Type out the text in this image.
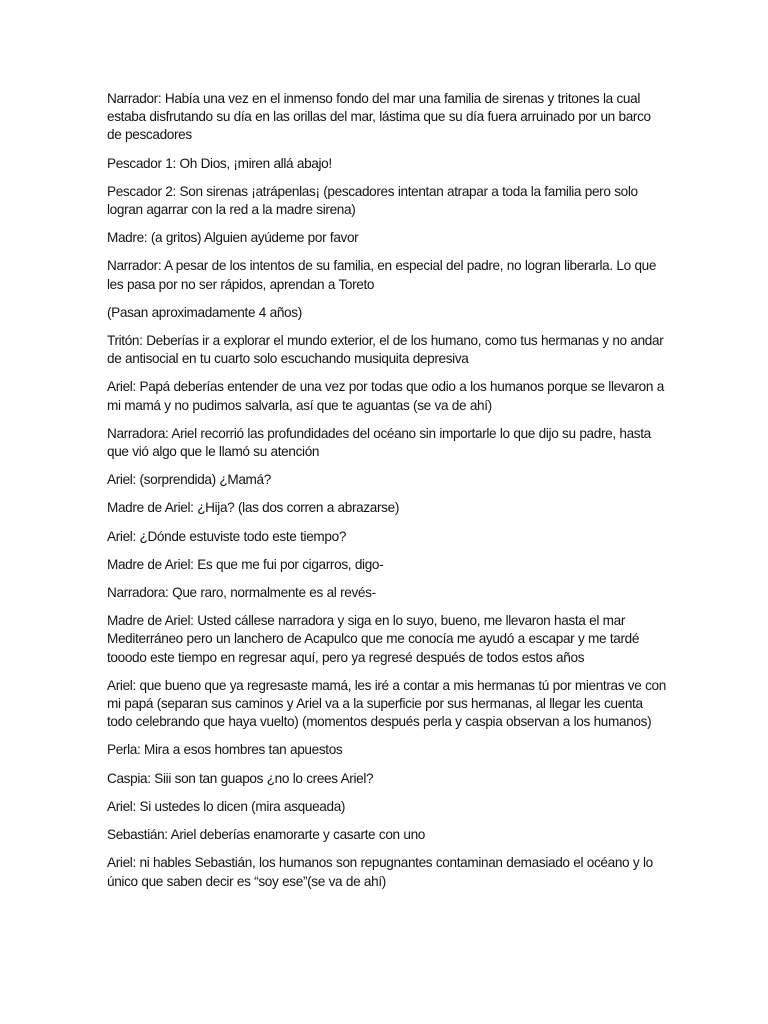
Narrador: Había una vez en el inmenso fondo del mar una familia de sirenas y tritones la cual estaba disfrutando su día en las orillas del mar, lástima que su día fuera arruinado por un barco de pescadores

Pescador 1: Oh Dios, ¡miren allá abajo!

Pescador 2: Son sirenas ¡atrápenlas¡ (pescadores intentan atrapar a toda la familia pero solo logran agarrar con la red a la madre sirena)

Madre: (a gritos) Alguien ayúdeme por favor

Narrador: A pesar de los intentos de su familia, en especial del padre, no logran liberarla. Lo que les pasa por no ser rápidos, aprendan a Toreto

(Pasan aproximadamente 4 años)

Tritón: Deberías ir a explorar el mundo exterior, el de los humano, como tus hermanas y no andar de antisocial en tu cuarto solo escuchando musiquita depresiva

Ariel: Papá deberías entender de una vez por todas que odio a los humanos porque se llevaron a mi mamá y no pudimos salvarla, así que te aguantas (se va de ahí)

Narradora: Ariel recorrió las profundidades del océano sin importarle lo que dijo su padre, hasta que vió algo que le llamó su atención

Ariel: (sorprendida) ¿Mamá?

Madre de Ariel: ¿Hija? (las dos corren a abrazarse)

Ariel: ¿Dónde estuviste todo este tiempo?

Madre de Ariel: Es que me fui por cigarros, digo-

Narradora: Que raro, normalmente es al revés-

Madre de Ariel: Usted cállese narradora y siga en lo suyo, bueno, me llevaron hasta el mar Mediterráneo pero un lanchero de Acapulco que me conocía me ayudó a escapar y me tardé tooodo este tiempo en regresar aquí, pero ya regresé después de todos estos años

Ariel: que bueno que ya regresaste mamá, les iré a contar a mis hermanas tú por mientras ve con mi papá (separan sus caminos y Ariel va a la superficie por sus hermanas, al llegar les cuenta todo celebrando que haya vuelto) (momentos después perla y caspia observan a los humanos)

Perla: Mira a esos hombres tan apuestos

Caspia: Siii son tan guapos ¿no lo crees Ariel?

Ariel: Si ustedes lo dicen (mira asqueada)

Sebastián: Ariel deberías enamorarte y casarte con uno

Ariel: ni hables Sebastián, los humanos son repugnantes contaminan demasiado el océano y lo único que saben decir es “soy ese”(se va de ahí)
